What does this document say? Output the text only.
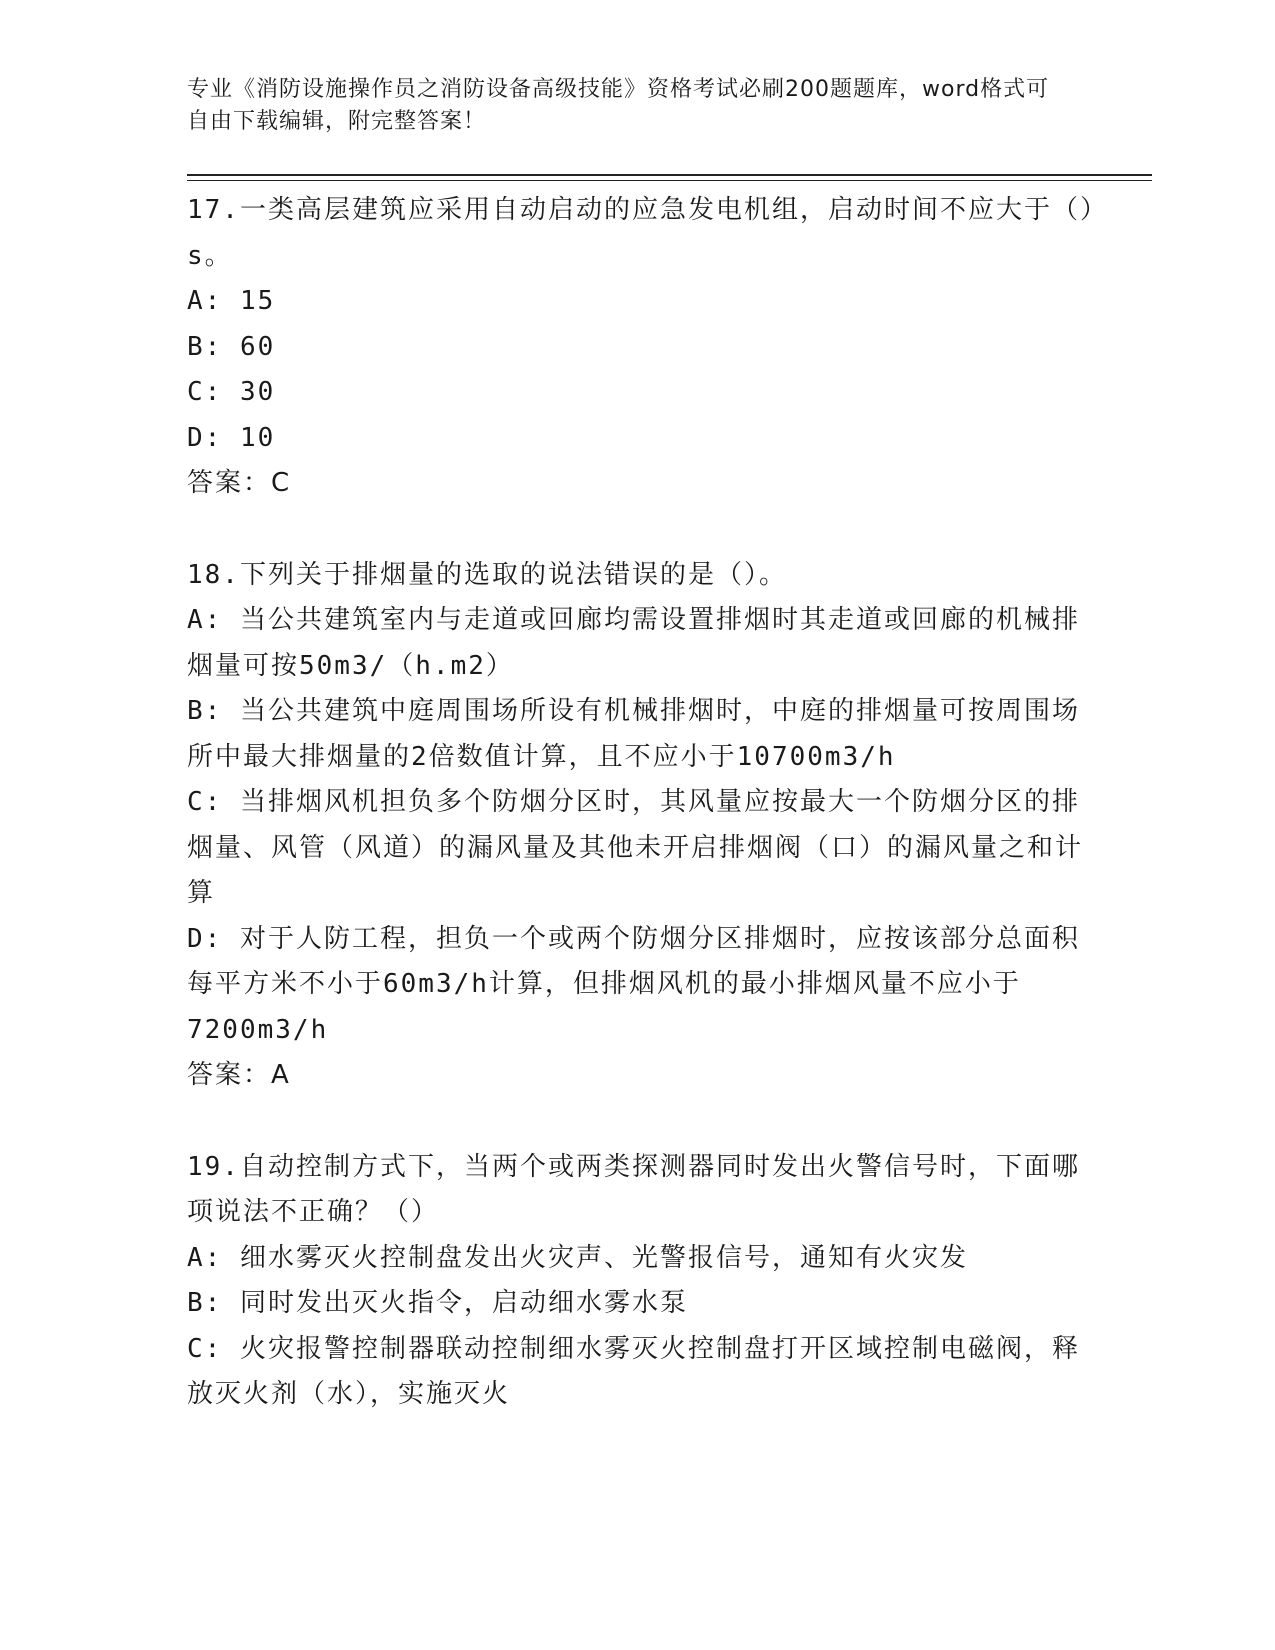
专业《消防设施操作员之消防设备高级技能》资格考试必刷200题题库，word格式可自由下载编辑，附完整答案！
17.一类高层建筑应采用自动启动的应急发电机组，启动时间不应大于（）s。
A: 15
B: 60
C: 30
D: 10
答案：C
18.下列关于排烟量的选取的说法错误的是（）。
A: 当公共建筑室内与走道或回廊均需设置排烟时其走道或回廊的机械排烟量可按50m3/（h.m2）
B: 当公共建筑中庭周围场所设有机械排烟时，中庭的排烟量可按周围场所中最大排烟量的2倍数值计算，且不应小于10700m3/h
C: 当排烟风机担负多个防烟分区时，其风量应按最大一个防烟分区的排烟量、风管（风道）的漏风量及其他未开启排烟阀（口）的漏风量之和计算
D: 对于人防工程，担负一个或两个防烟分区排烟时，应按该部分总面积每平方米不小于60m3/h计算，但排烟风机的最小排烟风量不应小于7200m3/h
答案：A
19.自动控制方式下，当两个或两类探测器同时发出火警信号时，下面哪项说法不正确？（）
A: 细水雾灭火控制盘发出火灾声、光警报信号，通知有火灾发
B: 同时发出灭火指令，启动细水雾水泵
C: 火灾报警控制器联动控制细水雾灭火控制盘打开区域控制电磁阀，释放灭火剂（水），实施灭火
